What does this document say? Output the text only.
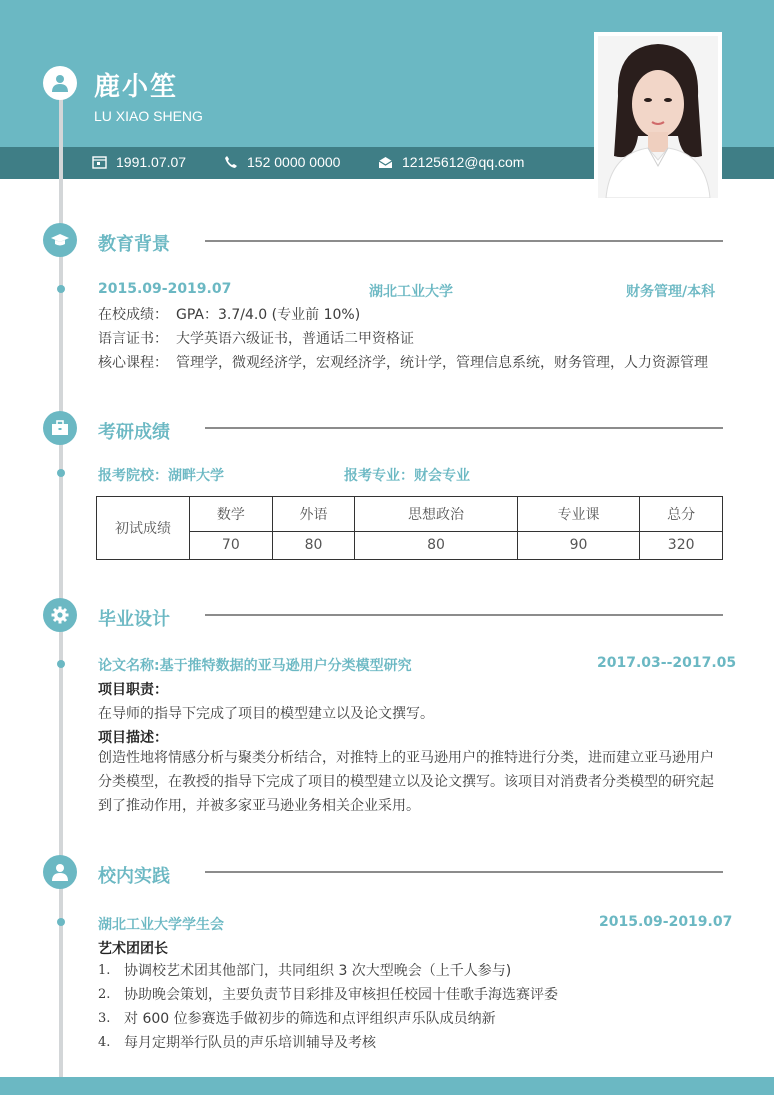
鹿小笙
LU XIAO SHENG
1991.07.07	152 0000 0000	12125612@qq.com
教育背景
2015.09-2019.07	湖北工业大学	财务管理/本科
在校成绩： GPA：3.7/4.0 (专业前 10%)
语言证书： 大学英语六级证书，普通话二甲资格证
核心课程： 管理学，微观经济学，宏观经济学，统计学，管理信息系统，财务管理，人力资源管理
考研成绩
报考院校：湖畔大学	报考专业：财会专业
初试成绩	数学	外语	思想政治	专业课	总分
	70	80	80	90	320
毕业设计
论文名称:基于推特数据的亚马逊用户分类模型研究	2017.03--2017.05
项目职责：
在导师的指导下完成了项目的模型建立以及论文撰写。
项目描述：
创造性地将情感分析与聚类分析结合，对推特上的亚马逊用户的推特进行分类，进而建立亚马逊用户分类模型，在教授的指导下完成了项目的模型建立以及论文撰写。该项目对消费者分类模型的研究起到了推动作用，并被多家亚马逊业务相关企业采用。
校内实践
湖北工业大学学生会	2015.09-2019.07
艺术团团长
1. 协调校艺术团其他部门，共同组织 3 次大型晚会（上千人参与)
2. 协助晚会策划，主要负责节目彩排及审核担任校园十佳歌手海选赛评委
3. 对 600 位参赛选手做初步的筛选和点评组织声乐队成员纳新
4. 每月定期举行队员的声乐培训辅导及考核
